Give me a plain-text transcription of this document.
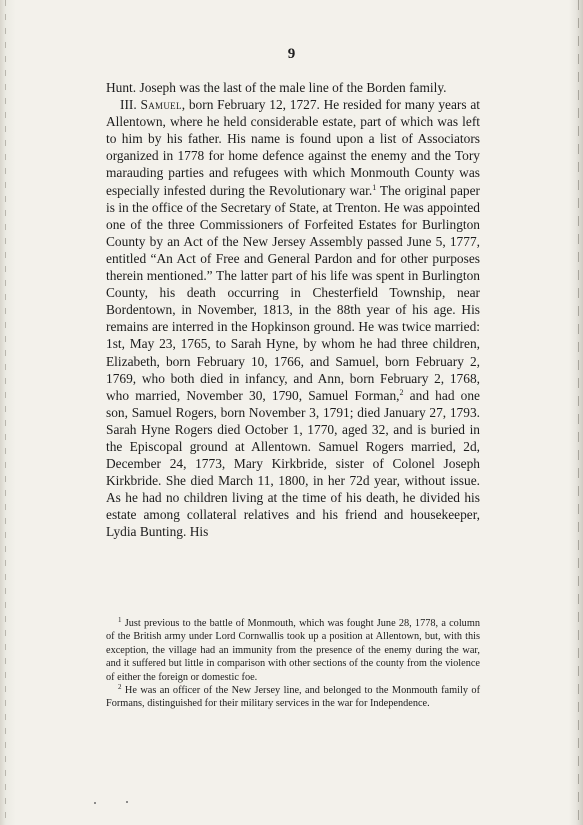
9

Hunt. Joseph was the last of the male line of the Borden family.

III. Samuel, born February 12, 1727. He resided for many years at Allentown, where he held considerable estate, part of which was left to him by his father. His name is found upon a list of Associators organized in 1778 for home defence against the enemy and the Tory marauding parties and refugees with which Monmouth County was especially infested during the Revolutionary war.$^1$ The original paper is in the office of the Secretary of State, at Trenton. He was appointed one of the three Commissioners of Forfeited Estates for Burlington County by an Act of the New Jersey Assembly passed June 5, 1777, entitled “An Act of Free and General Pardon and for other purposes therein mentioned.” The latter part of his life was spent in Burlington County, his death occurring in Chesterfield Township, near Bordentown, in November, 1813, in the 88th year of his age. His remains are interred in the Hopkinson ground. He was twice married: 1st, May 23, 1765, to Sarah Hyne, by whom he had three children, Elizabeth, born February 10, 1766, and Samuel, born February 2, 1769, who both died in infancy, and Ann, born February 2, 1768, who married, November 30, 1790, Samuel Forman,$^2$ and had one son, Samuel Rogers, born November 3, 1791; died January 27, 1793. Sarah Hyne Rogers died October 1, 1770, aged 32, and is buried in the Episcopal ground at Allentown. Samuel Rogers married, 2d, December 24, 1773, Mary Kirkbride, sister of Colonel Joseph Kirkbride. She died March 11, 1800, in her 72d year, without issue. As he had no children living at the time of his death, he divided his estate among collateral relatives and his friend and housekeeper, Lydia Bunting. His

$^1$ Just previous to the battle of Monmouth, which was fought June 28, 1778, a column of the British army under Lord Cornwallis took up a position at Allentown, but, with this exception, the village had an immunity from the presence of the enemy during the war, and it suffered but little in comparison with other sections of the county from the violence of either the foreign or domestic foe.

$^2$ He was an officer of the New Jersey line, and belonged to the Monmouth family of Formans, distinguished for their military services in the war for Independence.
